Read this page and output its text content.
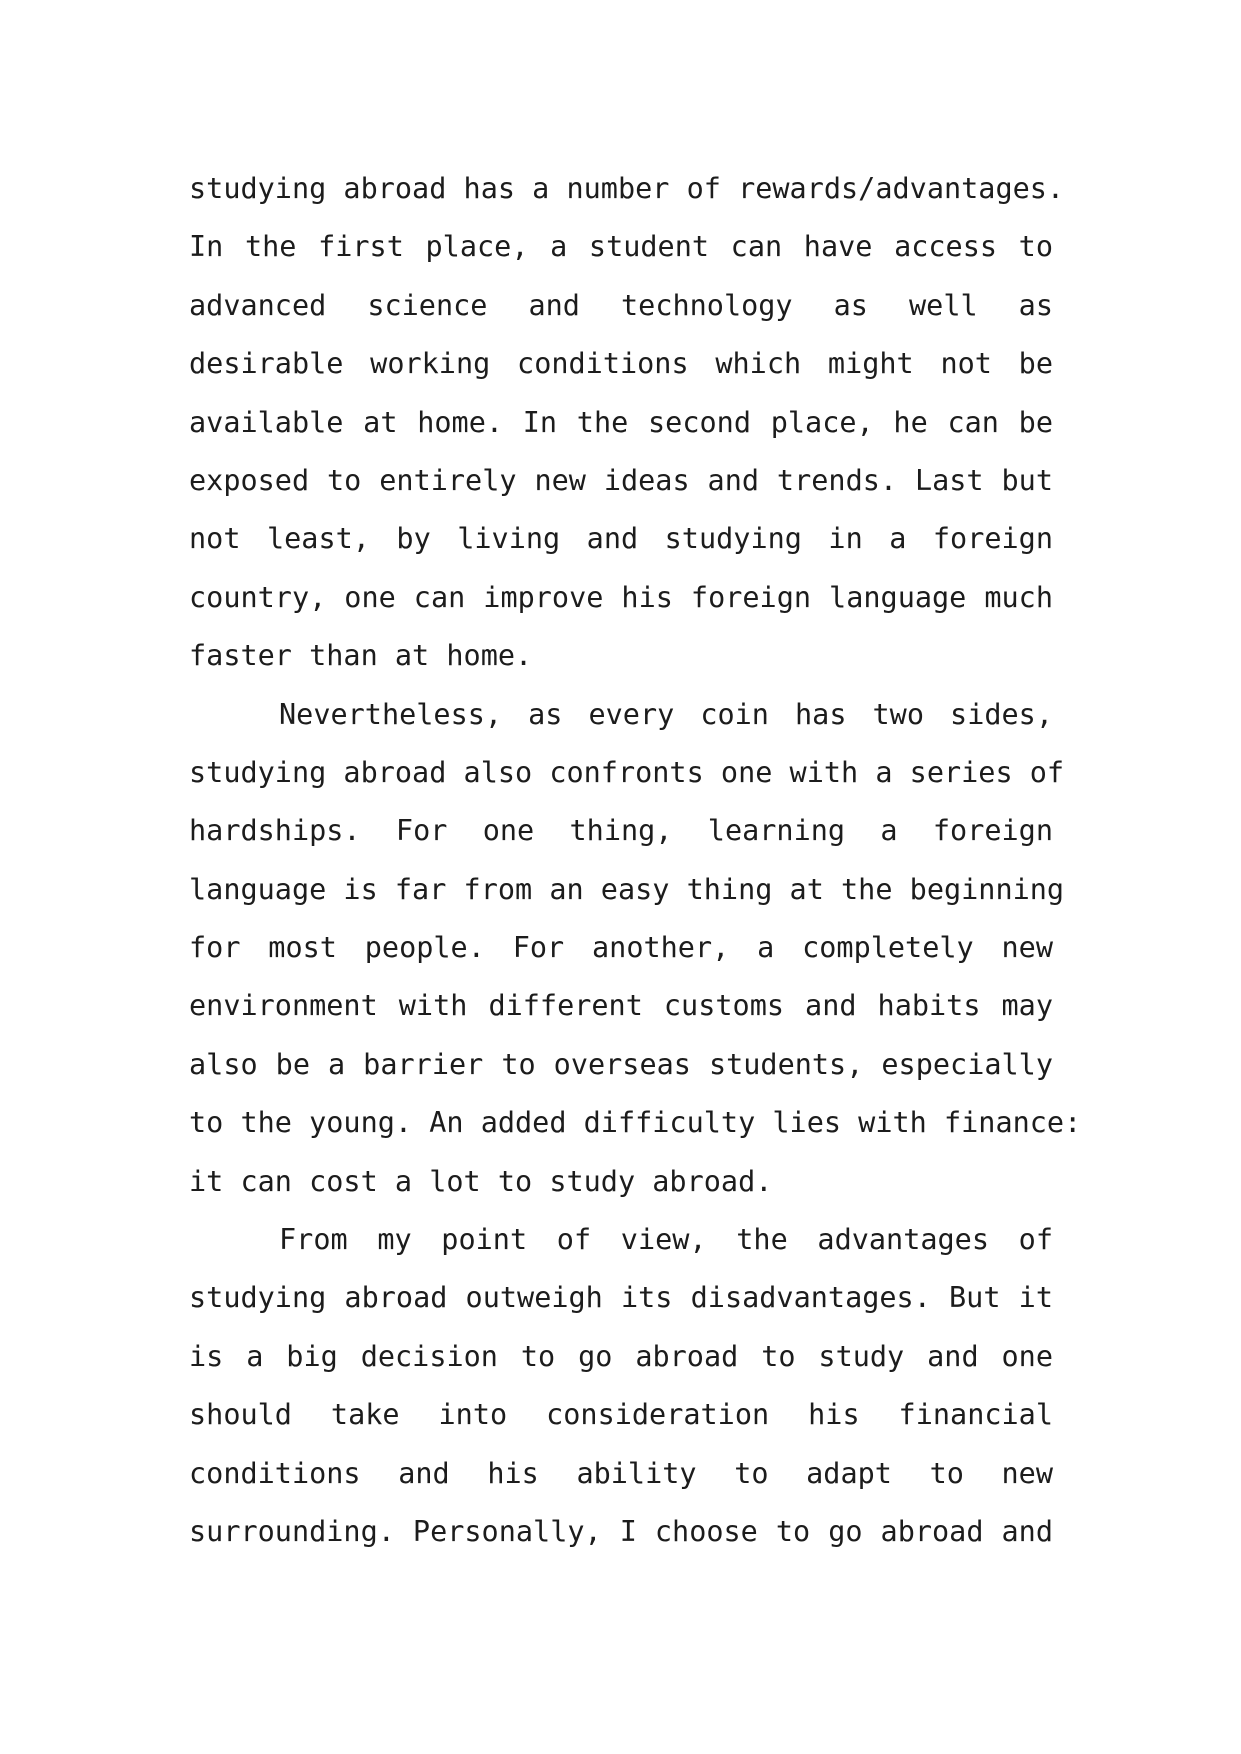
studying abroad has a number of rewards/advantages.
In the first place, a student can have access to
advanced science and technology as well as
desirable working conditions which might not be
available at home. In the second place, he can be
exposed to entirely new ideas and trends. Last but
not least, by living and studying in a foreign
country, one can improve his foreign language much
faster than at home.

Nevertheless, as every coin has two sides,
studying abroad also confronts one with a series of
hardships. For one thing, learning a foreign
language is far from an easy thing at the beginning
for most people. For another, a completely new
environment with different customs and habits may
also be a barrier to overseas students, especially
to the young. An added difficulty lies with finance:
it can cost a lot to study abroad.

From my point of view, the advantages of
studying abroad outweigh its disadvantages. But it
is a big decision to go abroad to study and one
should take into consideration his financial
conditions and his ability to adapt to new
surrounding. Personally, I choose to go abroad and
